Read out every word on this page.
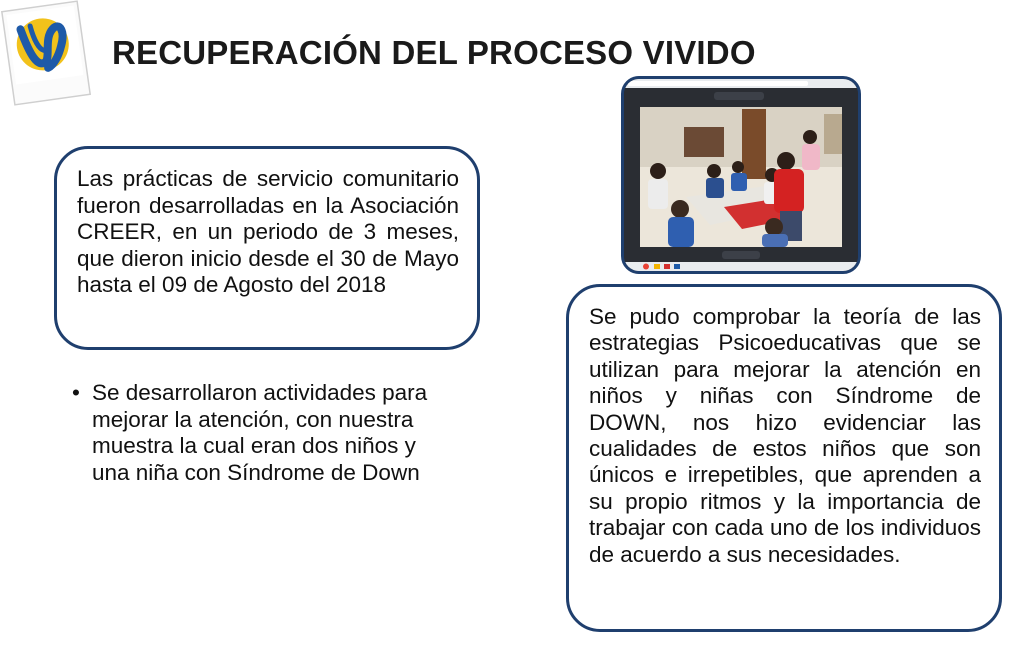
RECUPERACIÓN DEL PROCESO VIVIDO

Las prácticas de servicio comunitario fueron desarrolladas en la Asociación CREER, en un periodo de 3 meses, que dieron inicio desde el 30 de Mayo hasta el 09 de Agosto del 2018

• Se desarrollaron actividades para mejorar la atención, con nuestra muestra la cual eran dos niños y una niña con Síndrome de Down

Se pudo comprobar la teoría de las estrategias Psicoeducativas que se utilizan para mejorar la atención en niños y niñas con Síndrome de DOWN, nos hizo evidenciar las cualidades de estos niños que son únicos e irrepetibles, que aprenden a su propio ritmos y la importancia de trabajar con cada uno de los individuos de acuerdo a sus necesidades.
